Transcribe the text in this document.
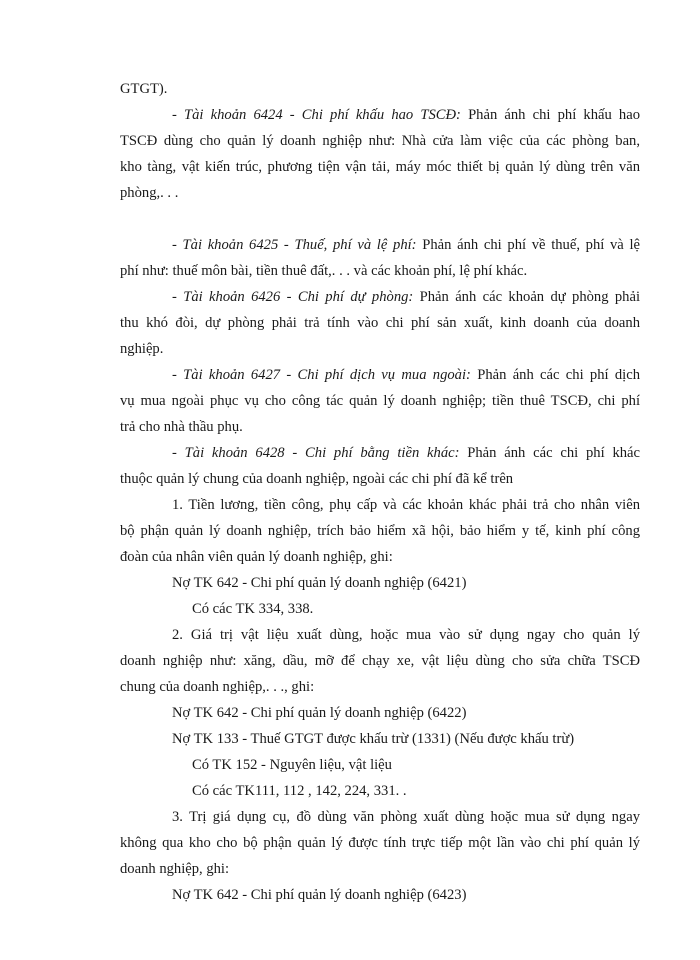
GTGT).
- Tài khoản 6424 - Chi phí khấu hao TSCĐ: Phản ánh chi phí khấu hao
TSCĐ dùng cho quản lý doanh nghiệp như: Nhà cửa làm việc của các phòng ban,
kho tàng, vật kiến trúc, phương tiện vận tải, máy móc thiết bị quản lý dùng trên văn
phòng,. . .
- Tài khoản 6425 - Thuế, phí và lệ phí: Phản ánh chi phí về thuế, phí và lệ
phí như: thuế môn bài, tiền thuê đất,. . . và các khoản phí, lệ phí khác.
- Tài khoản 6426 - Chi phí dự phòng: Phản ánh các khoản dự phòng phải
thu khó đòi, dự phòng phải trả tính vào chi phí sản xuất, kinh doanh của doanh
nghiệp.
- Tài khoản 6427 - Chi phí dịch vụ mua ngoài: Phản ánh các chi phí dịch
vụ mua ngoài phục vụ cho công tác quản lý doanh nghiệp; tiền thuê TSCĐ, chi phí
trả cho nhà thầu phụ.
- Tài khoản 6428 - Chi phí bằng tiền khác: Phản ánh các chi phí khác
thuộc quản lý chung của doanh nghiệp, ngoài các chi phí đã kể trên
1. Tiền lương, tiền công, phụ cấp và các khoản khác phải trả cho nhân viên
bộ phận quản lý doanh nghiệp, trích bảo hiểm xã hội, bảo hiểm y tế, kinh phí công
đoàn của nhân viên quản lý doanh nghiệp, ghi:
Nợ TK 642 - Chi phí quản lý doanh nghiệp (6421)
Có các TK 334, 338.
2. Giá trị vật liệu xuất dùng, hoặc mua vào sử dụng ngay cho quản lý
doanh nghiệp như: xăng, dầu, mỡ để chạy xe, vật liệu dùng cho sửa chữa TSCĐ
chung của doanh nghiệp,. . ., ghi:
Nợ TK 642 - Chi phí quản lý doanh nghiệp (6422)
Nợ TK 133 - Thuế GTGT được khấu trừ (1331) (Nếu được khấu trừ)
Có TK 152 - Nguyên liệu, vật liệu
Có các TK111, 112 , 142, 224, 331. .
3. Trị giá dụng cụ, đồ dùng văn phòng xuất dùng hoặc mua sử dụng ngay
không qua kho cho bộ phận quản lý được tính trực tiếp một lần vào chi phí quản lý
doanh nghiệp, ghi:
Nợ TK 642 - Chi phí quản lý doanh nghiệp (6423)
